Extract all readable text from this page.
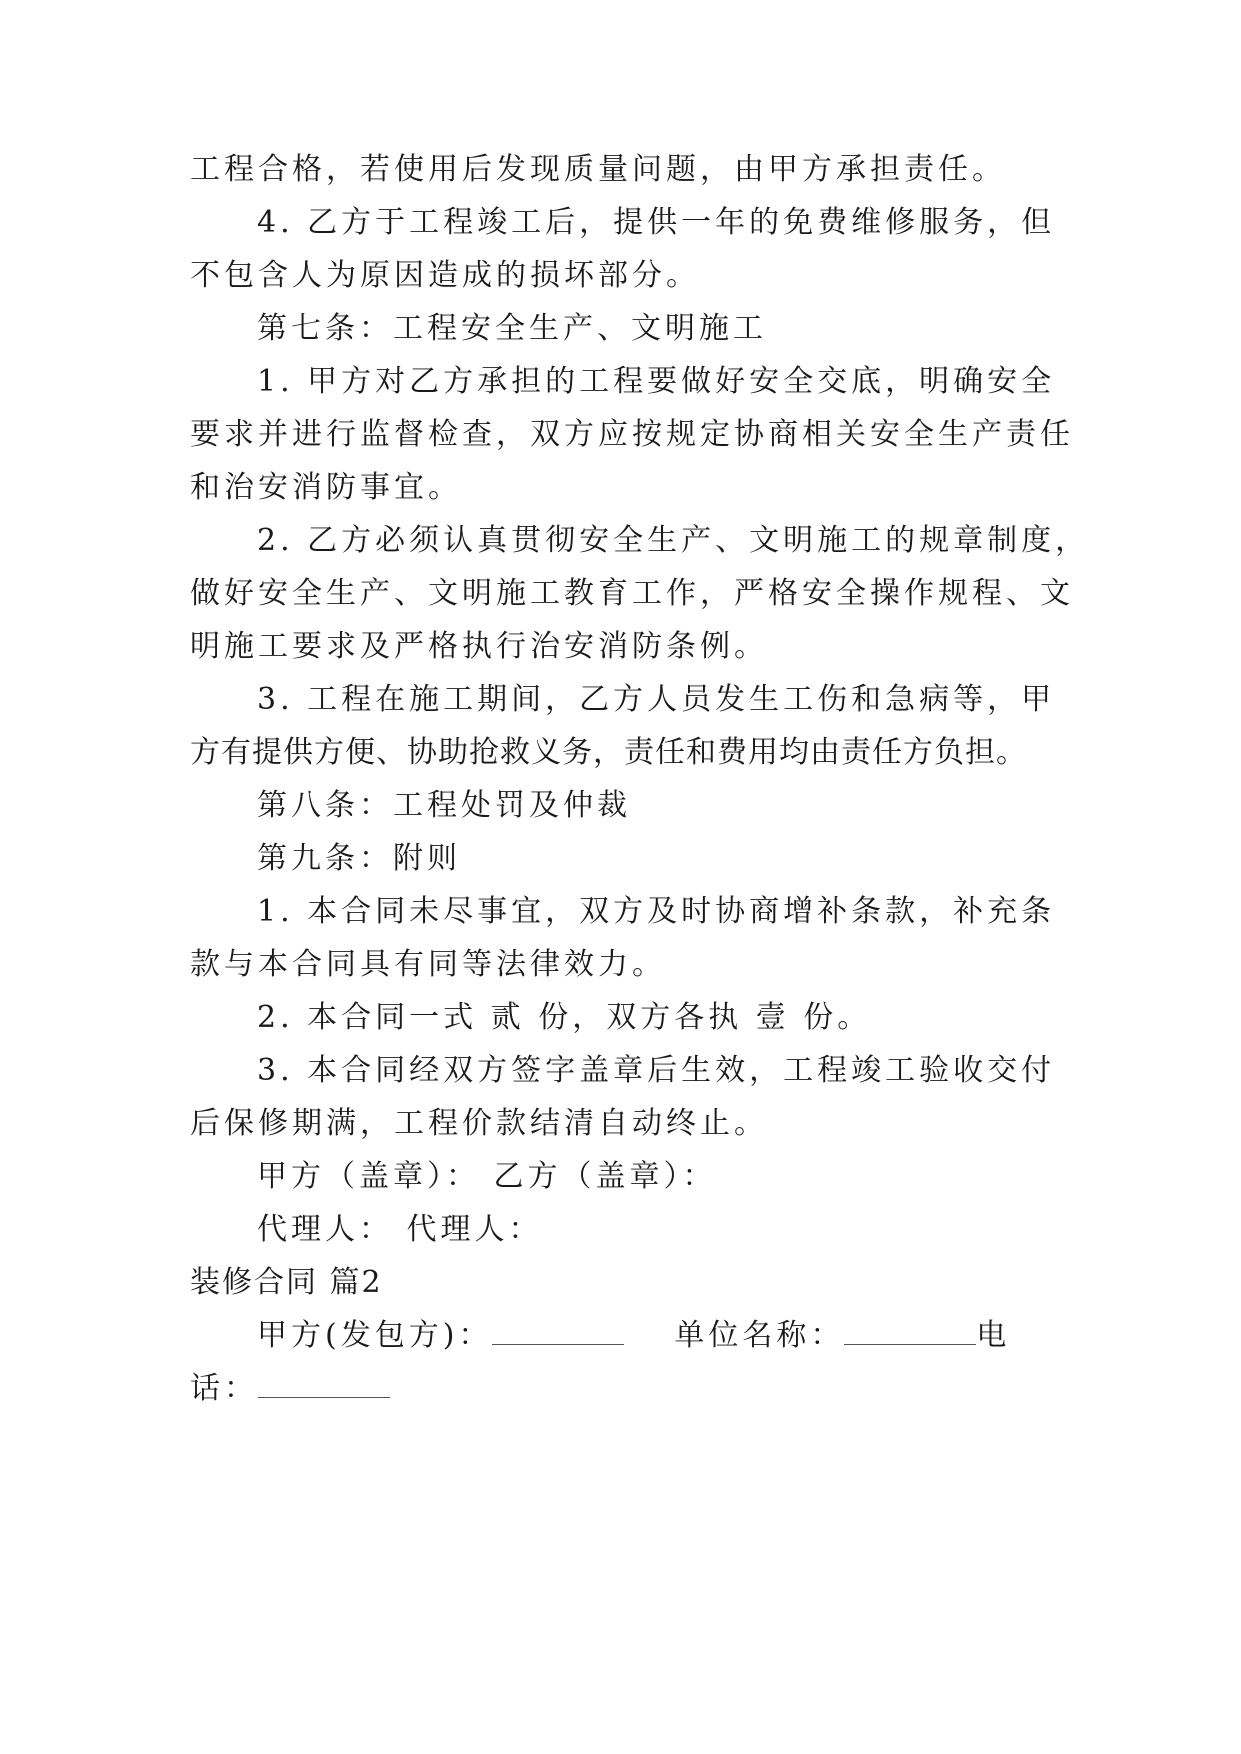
工程合格，若使用后发现质量问题，由甲方承担责任。
4. 乙方于工程竣工后，提供一年的免费维修服务，但
不包含人为原因造成的损坏部分。
第七条：工程安全生产、文明施工
1. 甲方对乙方承担的工程要做好安全交底，明确安全
要求并进行监督检查，双方应按规定协商相关安全生产责任
和治安消防事宜。
2. 乙方必须认真贯彻安全生产、文明施工的规章制度，
做好安全生产、文明施工教育工作，严格安全操作规程、文
明施工要求及严格执行治安消防条例。
3. 工程在施工期间，乙方人员发生工伤和急病等，甲
方有提供方便、协助抢救义务，责任和费用均由责任方负担。
第八条：工程处罚及仲裁
第九条：附则
1. 本合同未尽事宜，双方及时协商增补条款，补充条
款与本合同具有同等法律效力。
2. 本合同一式 贰 份，双方各执 壹 份。
3. 本合同经双方签字盖章后生效，工程竣工验收交付
后保修期满，工程价款结清自动终止。
甲方（盖章）： 乙方（盖章）：
代理人： 代理人：
装修合同 篇2
甲方(发包方)：	单位名称：	电
话：
